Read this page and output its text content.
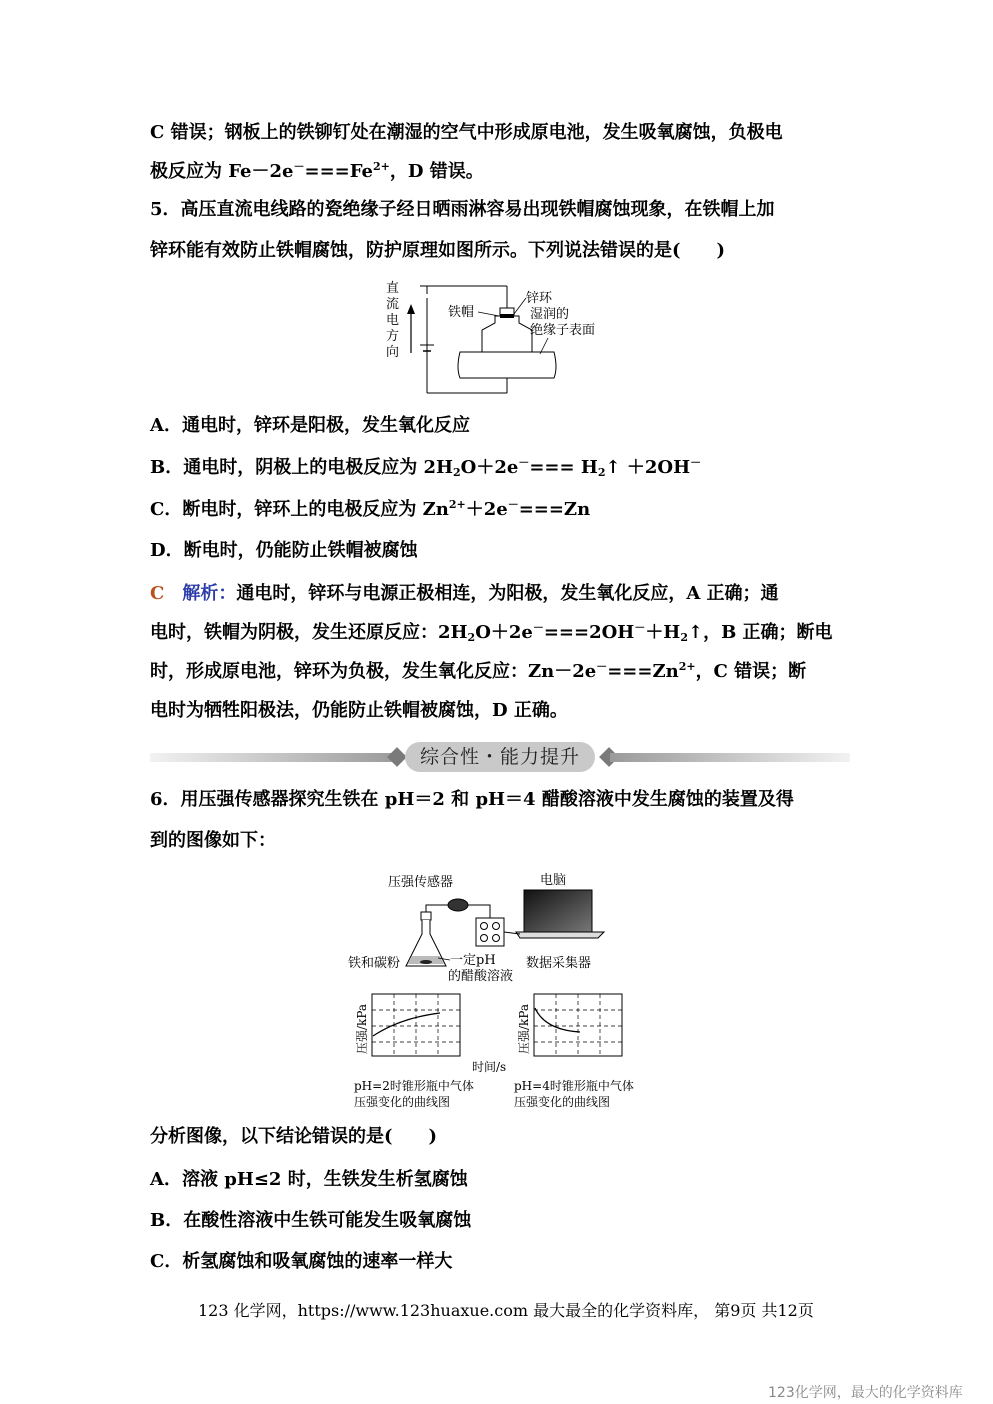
C 错误；钢板上的铁铆钉处在潮湿的空气中形成原电池，发生吸氧腐蚀，负极电
极反应为 $Fe-2e^-===Fe^{2+}$，D 错误。
5．高压直流电线路的瓷绝缘子经日晒雨淋容易出现铁帽腐蚀现象，在铁帽上加
锌环能有效防止铁帽腐蚀，防护原理如图所示。下列说法错误的是(　　)
直
流
电
方
向
铁帽
锌环
湿润的
绝缘子表面
A．通电时，锌环是阳极，发生氧化反应
B．通电时，阴极上的电极反应为 $2H_2O+2e^-===$ $H_2↑ +2OH^-$
C．断电时，锌环上的电极反应为 $Zn^{2+}+2e^-===Zn$
D．断电时，仍能防止铁帽被腐蚀
C　 解析：通电时，锌环与电源正极相连，为阳极，发生氧化反应，A 正确；通
电时，铁帽为阴极，发生还原反应：$2H_2O+2e^-===2OH^-+H_2↑$，B 正确；断电
时，形成原电池，锌环为负极，发生氧化反应：$Zn-2e^-===Zn^{2+}$，C 错误；断
电时为牺牲阳极法，仍能防止铁帽被腐蚀，D 正确。
综合性・能力提升
6．用压强传感器探究生铁在 pH＝2 和 pH＝4 醋酸溶液中发生腐蚀的装置及得
到的图像如下：
压强传感器	电脑
铁和碳粉	一定pH
的醋酸溶液
数据采集器
压强/kPa	压强/kPa
时间/s
pH=2时锥形瓶中气体
压强变化的曲线图
pH=4时锥形瓶中气体
压强变化的曲线图
分析图像，以下结论错误的是(　　)
A．溶液 pH≤2 时，生铁发生析氢腐蚀
B．在酸性溶液中生铁可能发生吸氧腐蚀
C．析氢腐蚀和吸氧腐蚀的速率一样大
123 化学网，https://www.123huaxue.com 最大最全的化学资料库， 第9页 共12页
123化学网，最大的化学资料库
